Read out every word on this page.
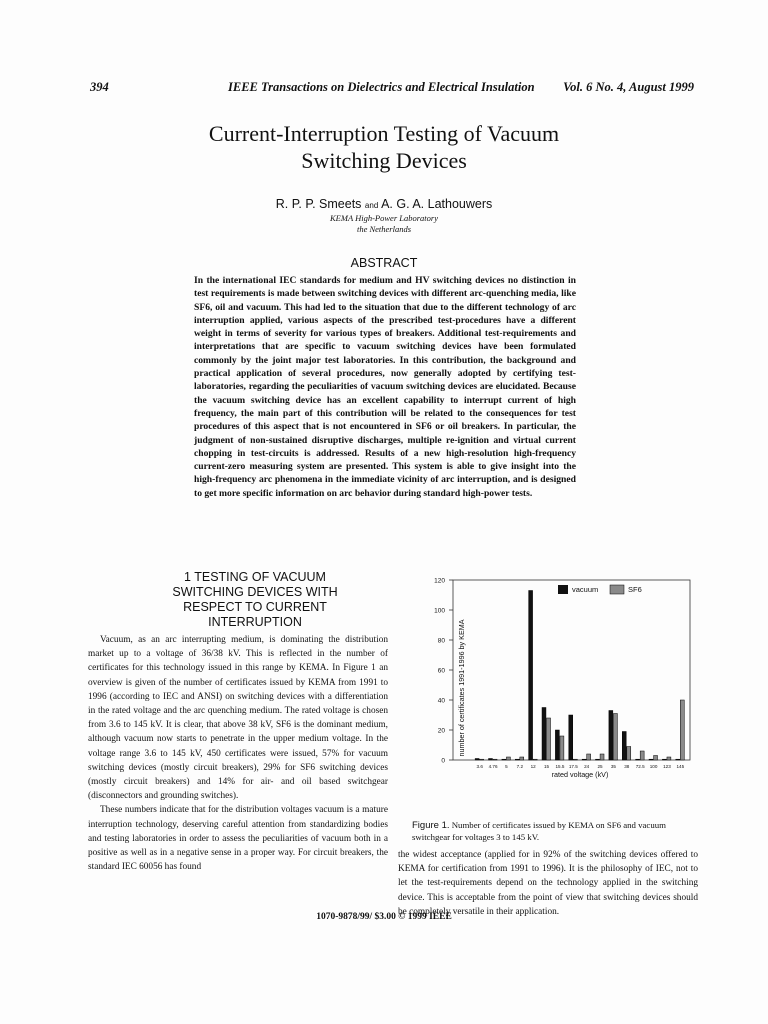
394	IEEE Transactions on Dielectrics and Electrical Insulation Vol. 6 No. 4, August 1999
Current-Interruption Testing of Vacuum
Switching Devices
R. P. P. Smeets and A. G. A. Lathouwers
KEMA High-Power Laboratory
the Netherlands
ABSTRACT

In the international IEC standards for medium and HV switching devices no distinction in test requirements is made between switching devices with different arc-quenching media, like SF6, oil and vacuum. This had led to the situation that due to the different technology of arc interruption applied, various aspects of the prescribed test-procedures have a different weight in terms of severity for various types of breakers. Additional test-requirements and interpretations that are specific to vacuum switching devices have been formulated commonly by the joint major test laboratories. In this contribution, the background and practical application of several procedures, now generally adopted by certifying test-laboratories, regarding the peculiarities of vacuum switching devices are elucidated. Because the vacuum switching device has an excellent capability to interrupt current of high frequency, the main part of this contribution will be related to the consequences for test procedures of this aspect that is not encountered in SF6 or oil breakers. In particular, the judgment of non-sustained disruptive discharges, multiple re-ignition and virtual current chopping in test-circuits is addressed. Results of a new high-resolution high-frequency current-zero measuring system are presented. This system is able to give insight into the high-frequency arc phenomena in the immediate vicinity of arc interruption, and is designed to get more specific information on arc behavior during standard high-power tests.

1 TESTING OF VACUUM
SWITCHING DEVICES WITH
RESPECT TO CURRENT
INTERRUPTION

Vacuum, as an arc interrupting medium, is dominating the distribution market up to a voltage of 36/38 kV. This is reflected in the number of certificates for this technology issued in this range by KEMA. In Figure 1 an overview is given of the number of certificates issued by KEMA from 1991 to 1996 (according to IEC and ANSI) on switching devices with a differentiation in the rated voltage and the arc quenching medium. The rated voltage is chosen from 3.6 to 145 kV. It is clear, that above 38 kV, SF6 is the dominant medium, although vacuum now starts to penetrate in the upper medium voltage. In the voltage range 3.6 to 145 kV, 450 certificates were issued, 57% for vacuum switching devices (mostly circuit breakers), 29% for SF6 switching devices (mostly circuit breakers) and 14% for air- and oil based switchgear (disconnectors and grounding switches).

These numbers indicate that for the distribution voltages vacuum is a mature interruption technology, deserving careful attention from standardizing bodies and testing laboratories in order to assess the peculiarities of vacuum both in a positive as well as in a negative sense in a proper way. For circuit breakers, the standard IEC 60056 has found

0
20
40
60
80
100
120
number of certificates 1991-1996 by KEMA
3.6 4.76 5 7.2 12 15 15.5 17.5 24 25 35 38 72.5 100 123 145
rated voltage (kV)
vacuum	SF6
Figure 1. Number of certificates issued by KEMA on SF6 and vacuum switchgear for voltages 3 to 145 kV.

the widest acceptance (applied for in 92% of the switching devices offered to KEMA for certification from 1991 to 1996). It is the philosophy of IEC, not to let the test-requirements depend on the technology applied in the switching device. This is acceptable from the point of view that switching devices should be completely versatile in their application.

1070-9878/99/ $3.00 © 1999 IEEE
